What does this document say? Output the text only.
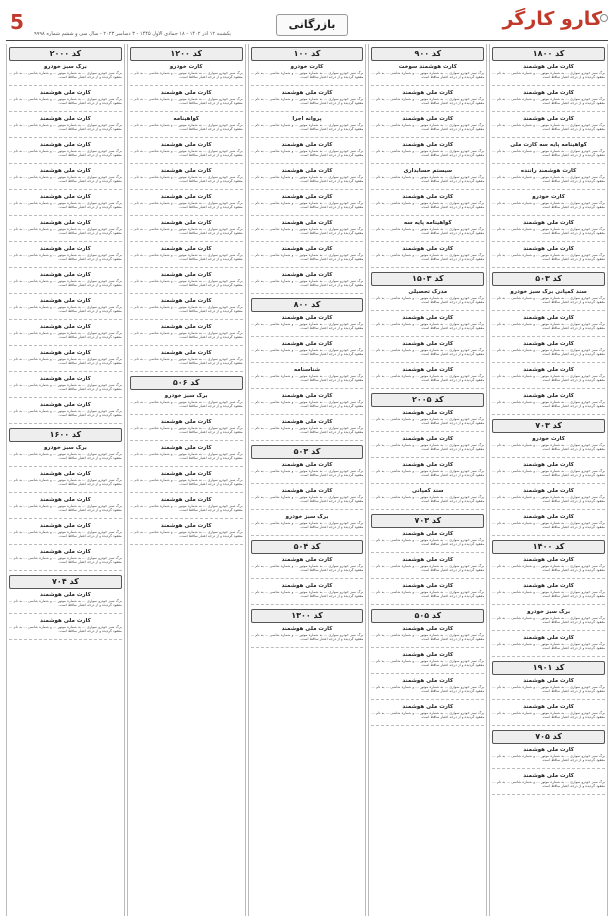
کارو کارگر
بازرگانی
5 یکشنبه ۱۲ آذر ۱۴۰۲ - ۱۸ جمادی الاول ۱۴۴۵ - ۳ دسامبر ۲۰۲۳ - سال سی و ششم شماره ۹۹۹۸
کد ۱۸۰۰
کارت ملی هوشمند
برگ سبز خودرو سواری ... به شماره موتور ... و شماره شاسی ... به نام ... مفقود گردیده و از درجه اعتبار ساقط است.
کارت ملی هوشمند
برگ سبز خودرو سواری ... به شماره موتور ... و شماره شاسی ... به نام ... مفقود گردیده و از درجه اعتبار ساقط است.
کارت ملی هوشمند
برگ سبز خودرو سواری ... به شماره موتور ... و شماره شاسی ... به نام ... مفقود گردیده و از درجه اعتبار ساقط است.
گواهینامه پایه سه کارت ملی
برگ سبز خودرو سواری ... به شماره موتور ... و شماره شاسی ... به نام ... مفقود گردیده و از درجه اعتبار ساقط است.
کارت هوشمند راننده
برگ سبز خودرو سواری ... به شماره موتور ... و شماره شاسی ... به نام ... مفقود گردیده و از درجه اعتبار ساقط است.
کارت خودرو
برگ سبز خودرو سواری ... به شماره موتور ... و شماره شاسی ... به نام ... مفقود گردیده و از درجه اعتبار ساقط است.
کارت ملی هوشمند
برگ سبز خودرو سواری ... به شماره موتور ... و شماره شاسی ... به نام ... مفقود گردیده و از درجه اعتبار ساقط است.
کارت ملی هوشمند
برگ سبز خودرو سواری ... به شماره موتور ... و شماره شاسی ... به نام ... مفقود گردیده و از درجه اعتبار ساقط است.
کد ۵۰۳
سند کمپانی برگ سبز خودرو
برگ سبز خودرو سواری ... به شماره موتور ... و شماره شاسی ... به نام ... مفقود گردیده و از درجه اعتبار ساقط است.
کارت ملی هوشمند
برگ سبز خودرو سواری ... به شماره موتور ... و شماره شاسی ... به نام ... مفقود گردیده و از درجه اعتبار ساقط است.
کارت ملی هوشمند
برگ سبز خودرو سواری ... به شماره موتور ... و شماره شاسی ... به نام ... مفقود گردیده و از درجه اعتبار ساقط است.
کارت ملی هوشمند
برگ سبز خودرو سواری ... به شماره موتور ... و شماره شاسی ... به نام ... مفقود گردیده و از درجه اعتبار ساقط است.
کارت ملی هوشمند
برگ سبز خودرو سواری ... به شماره موتور ... و شماره شاسی ... به نام ... مفقود گردیده و از درجه اعتبار ساقط است.
کد ۷۰۳
کارت خودرو
برگ سبز خودرو سواری ... به شماره موتور ... و شماره شاسی ... به نام ... مفقود گردیده و از درجه اعتبار ساقط است.
کارت ملی هوشمند
برگ سبز خودرو سواری ... به شماره موتور ... و شماره شاسی ... به نام ... مفقود گردیده و از درجه اعتبار ساقط است.
کارت ملی هوشمند
برگ سبز خودرو سواری ... به شماره موتور ... و شماره شاسی ... به نام ... مفقود گردیده و از درجه اعتبار ساقط است.
کارت ملی هوشمند
برگ سبز خودرو سواری ... به شماره موتور ... و شماره شاسی ... به نام ... مفقود گردیده و از درجه اعتبار ساقط است.
کد ۱۴۰۰
کارت ملی هوشمند
برگ سبز خودرو سواری ... به شماره موتور ... و شماره شاسی ... به نام ... مفقود گردیده و از درجه اعتبار ساقط است.
کارت ملی هوشمند
برگ سبز خودرو سواری ... به شماره موتور ... و شماره شاسی ... به نام ... مفقود گردیده و از درجه اعتبار ساقط است.
برگ سبز خودرو
برگ سبز خودرو سواری ... به شماره موتور ... و شماره شاسی ... به نام ... مفقود گردیده و از درجه اعتبار ساقط است.
کارت ملی هوشمند
برگ سبز خودرو سواری ... به شماره موتور ... و شماره شاسی ... به نام ... مفقود گردیده و از درجه اعتبار ساقط است.
کد ۱۹۰۱
کارت ملی هوشمند
برگ سبز خودرو سواری ... به شماره موتور ... و شماره شاسی ... به نام ... مفقود گردیده و از درجه اعتبار ساقط است.
کارت ملی هوشمند
برگ سبز خودرو سواری ... به شماره موتور ... و شماره شاسی ... به نام ... مفقود گردیده و از درجه اعتبار ساقط است.
کد ۷۰۵
کارت ملی هوشمند
برگ سبز خودرو سواری ... به شماره موتور ... و شماره شاسی ... به نام ... مفقود گردیده و از درجه اعتبار ساقط است.
کارت ملی هوشمند
برگ سبز خودرو سواری ... به شماره موتور ... و شماره شاسی ... به نام ... مفقود گردیده و از درجه اعتبار ساقط است.
کد ۹۰۰
کارت هوشمند سوخت
برگ سبز خودرو سواری ... به شماره موتور ... و شماره شاسی ... به نام ... مفقود گردیده و از درجه اعتبار ساقط است.
کارت ملی هوشمند
برگ سبز خودرو سواری ... به شماره موتور ... و شماره شاسی ... به نام ... مفقود گردیده و از درجه اعتبار ساقط است.
کارت ملی هوشمند
برگ سبز خودرو سواری ... به شماره موتور ... و شماره شاسی ... به نام ... مفقود گردیده و از درجه اعتبار ساقط است.
کارت ملی هوشمند
برگ سبز خودرو سواری ... به شماره موتور ... و شماره شاسی ... به نام ... مفقود گردیده و از درجه اعتبار ساقط است.
سیستم حسابداری
برگ سبز خودرو سواری ... به شماره موتور ... و شماره شاسی ... به نام ... مفقود گردیده و از درجه اعتبار ساقط است.
کارت ملی هوشمند
برگ سبز خودرو سواری ... به شماره موتور ... و شماره شاسی ... به نام ... مفقود گردیده و از درجه اعتبار ساقط است.
گواهینامه پایه سه
برگ سبز خودرو سواری ... به شماره موتور ... و شماره شاسی ... به نام ... مفقود گردیده و از درجه اعتبار ساقط است.
کارت ملی هوشمند
برگ سبز خودرو سواری ... به شماره موتور ... و شماره شاسی ... به نام ... مفقود گردیده و از درجه اعتبار ساقط است.
کد ۱۵۰۳
مدرک تحصیلی
برگ سبز خودرو سواری ... به شماره موتور ... و شماره شاسی ... به نام ... مفقود گردیده و از درجه اعتبار ساقط است.
کارت ملی هوشمند
برگ سبز خودرو سواری ... به شماره موتور ... و شماره شاسی ... به نام ... مفقود گردیده و از درجه اعتبار ساقط است.
کارت ملی هوشمند
برگ سبز خودرو سواری ... به شماره موتور ... و شماره شاسی ... به نام ... مفقود گردیده و از درجه اعتبار ساقط است.
کارت ملی هوشمند
برگ سبز خودرو سواری ... به شماره موتور ... و شماره شاسی ... به نام ... مفقود گردیده و از درجه اعتبار ساقط است.
کد ۲۰۰۵
کارت ملی هوشمند
برگ سبز خودرو سواری ... به شماره موتور ... و شماره شاسی ... به نام ... مفقود گردیده و از درجه اعتبار ساقط است.
کارت ملی هوشمند
برگ سبز خودرو سواری ... به شماره موتور ... و شماره شاسی ... به نام ... مفقود گردیده و از درجه اعتبار ساقط است.
کارت ملی هوشمند
برگ سبز خودرو سواری ... به شماره موتور ... و شماره شاسی ... به نام ... مفقود گردیده و از درجه اعتبار ساقط است.
سند کمپانی
برگ سبز خودرو سواری ... به شماره موتور ... و شماره شاسی ... به نام ... مفقود گردیده و از درجه اعتبار ساقط است.
کد ۷۰۳
کارت ملی هوشمند
برگ سبز خودرو سواری ... به شماره موتور ... و شماره شاسی ... به نام ... مفقود گردیده و از درجه اعتبار ساقط است.
کارت ملی هوشمند
برگ سبز خودرو سواری ... به شماره موتور ... و شماره شاسی ... به نام ... مفقود گردیده و از درجه اعتبار ساقط است.
کارت ملی هوشمند
برگ سبز خودرو سواری ... به شماره موتور ... و شماره شاسی ... به نام ... مفقود گردیده و از درجه اعتبار ساقط است.
کد ۵۰۵
کارت ملی هوشمند
برگ سبز خودرو سواری ... به شماره موتور ... و شماره شاسی ... به نام ... مفقود گردیده و از درجه اعتبار ساقط است.
کارت ملی هوشمند
برگ سبز خودرو سواری ... به شماره موتور ... و شماره شاسی ... به نام ... مفقود گردیده و از درجه اعتبار ساقط است.
کارت ملی هوشمند
برگ سبز خودرو سواری ... به شماره موتور ... و شماره شاسی ... به نام ... مفقود گردیده و از درجه اعتبار ساقط است.
کارت ملی هوشمند
برگ سبز خودرو سواری ... به شماره موتور ... و شماره شاسی ... به نام ... مفقود گردیده و از درجه اعتبار ساقط است.
کد ۱۰۰
کارت خودرو
برگ سبز خودرو سواری ... به شماره موتور ... و شماره شاسی ... به نام ... مفقود گردیده و از درجه اعتبار ساقط است.
کارت ملی هوشمند
برگ سبز خودرو سواری ... به شماره موتور ... و شماره شاسی ... به نام ... مفقود گردیده و از درجه اعتبار ساقط است.
پروانه اجرا
برگ سبز خودرو سواری ... به شماره موتور ... و شماره شاسی ... به نام ... مفقود گردیده و از درجه اعتبار ساقط است.
کارت ملی هوشمند
برگ سبز خودرو سواری ... به شماره موتور ... و شماره شاسی ... به نام ... مفقود گردیده و از درجه اعتبار ساقط است.
کارت ملی هوشمند
برگ سبز خودرو سواری ... به شماره موتور ... و شماره شاسی ... به نام ... مفقود گردیده و از درجه اعتبار ساقط است.
کارت ملی هوشمند
برگ سبز خودرو سواری ... به شماره موتور ... و شماره شاسی ... به نام ... مفقود گردیده و از درجه اعتبار ساقط است.
کارت ملی هوشمند
برگ سبز خودرو سواری ... به شماره موتور ... و شماره شاسی ... به نام ... مفقود گردیده و از درجه اعتبار ساقط است.
کارت ملی هوشمند
برگ سبز خودرو سواری ... به شماره موتور ... و شماره شاسی ... به نام ... مفقود گردیده و از درجه اعتبار ساقط است.
کارت ملی هوشمند
برگ سبز خودرو سواری ... به شماره موتور ... و شماره شاسی ... به نام ... مفقود گردیده و از درجه اعتبار ساقط است.
کد ۸۰۰
کارت ملی هوشمند
برگ سبز خودرو سواری ... به شماره موتور ... و شماره شاسی ... به نام ... مفقود گردیده و از درجه اعتبار ساقط است.
کارت ملی هوشمند
برگ سبز خودرو سواری ... به شماره موتور ... و شماره شاسی ... به نام ... مفقود گردیده و از درجه اعتبار ساقط است.
شناسنامه
برگ سبز خودرو سواری ... به شماره موتور ... و شماره شاسی ... به نام ... مفقود گردیده و از درجه اعتبار ساقط است.
کارت ملی هوشمند
برگ سبز خودرو سواری ... به شماره موتور ... و شماره شاسی ... به نام ... مفقود گردیده و از درجه اعتبار ساقط است.
کارت ملی هوشمند
برگ سبز خودرو سواری ... به شماره موتور ... و شماره شاسی ... به نام ... مفقود گردیده و از درجه اعتبار ساقط است.
کد ۵۰۳
کارت ملی هوشمند
برگ سبز خودرو سواری ... به شماره موتور ... و شماره شاسی ... به نام ... مفقود گردیده و از درجه اعتبار ساقط است.
کارت ملی هوشمند
برگ سبز خودرو سواری ... به شماره موتور ... و شماره شاسی ... به نام ... مفقود گردیده و از درجه اعتبار ساقط است.
برگ سبز خودرو
برگ سبز خودرو سواری ... به شماره موتور ... و شماره شاسی ... به نام ... مفقود گردیده و از درجه اعتبار ساقط است.
کد ۵۰۴
کارت ملی هوشمند
برگ سبز خودرو سواری ... به شماره موتور ... و شماره شاسی ... به نام ... مفقود گردیده و از درجه اعتبار ساقط است.
کارت ملی هوشمند
برگ سبز خودرو سواری ... به شماره موتور ... و شماره شاسی ... به نام ... مفقود گردیده و از درجه اعتبار ساقط است.
کد ۱۳۰۰
کارت ملی هوشمند
برگ سبز خودرو سواری ... به شماره موتور ... و شماره شاسی ... به نام ... مفقود گردیده و از درجه اعتبار ساقط است.
کد ۱۲۰۰
کارت خودرو
برگ سبز خودرو سواری ... به شماره موتور ... و شماره شاسی ... به نام ... مفقود گردیده و از درجه اعتبار ساقط است.
کارت ملی هوشمند
برگ سبز خودرو سواری ... به شماره موتور ... و شماره شاسی ... به نام ... مفقود گردیده و از درجه اعتبار ساقط است.
گواهینامه
برگ سبز خودرو سواری ... به شماره موتور ... و شماره شاسی ... به نام ... مفقود گردیده و از درجه اعتبار ساقط است.
کارت ملی هوشمند
برگ سبز خودرو سواری ... به شماره موتور ... و شماره شاسی ... به نام ... مفقود گردیده و از درجه اعتبار ساقط است.
کارت ملی هوشمند
برگ سبز خودرو سواری ... به شماره موتور ... و شماره شاسی ... به نام ... مفقود گردیده و از درجه اعتبار ساقط است.
کارت ملی هوشمند
برگ سبز خودرو سواری ... به شماره موتور ... و شماره شاسی ... به نام ... مفقود گردیده و از درجه اعتبار ساقط است.
کارت ملی هوشمند
برگ سبز خودرو سواری ... به شماره موتور ... و شماره شاسی ... به نام ... مفقود گردیده و از درجه اعتبار ساقط است.
کارت ملی هوشمند
برگ سبز خودرو سواری ... به شماره موتور ... و شماره شاسی ... به نام ... مفقود گردیده و از درجه اعتبار ساقط است.
کارت ملی هوشمند
برگ سبز خودرو سواری ... به شماره موتور ... و شماره شاسی ... به نام ... مفقود گردیده و از درجه اعتبار ساقط است.
کارت ملی هوشمند
برگ سبز خودرو سواری ... به شماره موتور ... و شماره شاسی ... به نام ... مفقود گردیده و از درجه اعتبار ساقط است.
کارت ملی هوشمند
برگ سبز خودرو سواری ... به شماره موتور ... و شماره شاسی ... به نام ... مفقود گردیده و از درجه اعتبار ساقط است.
کارت ملی هوشمند
برگ سبز خودرو سواری ... به شماره موتور ... و شماره شاسی ... به نام ... مفقود گردیده و از درجه اعتبار ساقط است.
کد ۵۰۶
برگ سبز خودرو
برگ سبز خودرو سواری ... به شماره موتور ... و شماره شاسی ... به نام ... مفقود گردیده و از درجه اعتبار ساقط است.
کارت ملی هوشمند
برگ سبز خودرو سواری ... به شماره موتور ... و شماره شاسی ... به نام ... مفقود گردیده و از درجه اعتبار ساقط است.
کارت ملی هوشمند
برگ سبز خودرو سواری ... به شماره موتور ... و شماره شاسی ... به نام ... مفقود گردیده و از درجه اعتبار ساقط است.
کارت ملی هوشمند
برگ سبز خودرو سواری ... به شماره موتور ... و شماره شاسی ... به نام ... مفقود گردیده و از درجه اعتبار ساقط است.
کارت ملی هوشمند
برگ سبز خودرو سواری ... به شماره موتور ... و شماره شاسی ... به نام ... مفقود گردیده و از درجه اعتبار ساقط است.
کارت ملی هوشمند
برگ سبز خودرو سواری ... به شماره موتور ... و شماره شاسی ... به نام ... مفقود گردیده و از درجه اعتبار ساقط است.
کد ۲۰۰۰
برگ سبز خودرو
برگ سبز خودرو سواری ... به شماره موتور ... و شماره شاسی ... به نام ... مفقود گردیده و از درجه اعتبار ساقط است.
کارت ملی هوشمند
برگ سبز خودرو سواری ... به شماره موتور ... و شماره شاسی ... به نام ... مفقود گردیده و از درجه اعتبار ساقط است.
کارت ملی هوشمند
برگ سبز خودرو سواری ... به شماره موتور ... و شماره شاسی ... به نام ... مفقود گردیده و از درجه اعتبار ساقط است.
کارت ملی هوشمند
برگ سبز خودرو سواری ... به شماره موتور ... و شماره شاسی ... به نام ... مفقود گردیده و از درجه اعتبار ساقط است.
کارت ملی هوشمند
برگ سبز خودرو سواری ... به شماره موتور ... و شماره شاسی ... به نام ... مفقود گردیده و از درجه اعتبار ساقط است.
کارت ملی هوشمند
برگ سبز خودرو سواری ... به شماره موتور ... و شماره شاسی ... به نام ... مفقود گردیده و از درجه اعتبار ساقط است.
کارت ملی هوشمند
برگ سبز خودرو سواری ... به شماره موتور ... و شماره شاسی ... به نام ... مفقود گردیده و از درجه اعتبار ساقط است.
کارت ملی هوشمند
برگ سبز خودرو سواری ... به شماره موتور ... و شماره شاسی ... به نام ... مفقود گردیده و از درجه اعتبار ساقط است.
کارت ملی هوشمند
برگ سبز خودرو سواری ... به شماره موتور ... و شماره شاسی ... به نام ... مفقود گردیده و از درجه اعتبار ساقط است.
کارت ملی هوشمند
برگ سبز خودرو سواری ... به شماره موتور ... و شماره شاسی ... به نام ... مفقود گردیده و از درجه اعتبار ساقط است.
کارت ملی هوشمند
برگ سبز خودرو سواری ... به شماره موتور ... و شماره شاسی ... به نام ... مفقود گردیده و از درجه اعتبار ساقط است.
کارت ملی هوشمند
برگ سبز خودرو سواری ... به شماره موتور ... و شماره شاسی ... به نام ... مفقود گردیده و از درجه اعتبار ساقط است.
کارت ملی هوشمند
برگ سبز خودرو سواری ... به شماره موتور ... و شماره شاسی ... به نام ... مفقود گردیده و از درجه اعتبار ساقط است.
کارت ملی هوشمند
برگ سبز خودرو سواری ... به شماره موتور ... و شماره شاسی ... به نام ... مفقود گردیده و از درجه اعتبار ساقط است.
کد ۱۶۰۰
برگ سبز خودرو
برگ سبز خودرو سواری ... به شماره موتور ... و شماره شاسی ... به نام ... مفقود گردیده و از درجه اعتبار ساقط است.
کارت ملی هوشمند
برگ سبز خودرو سواری ... به شماره موتور ... و شماره شاسی ... به نام ... مفقود گردیده و از درجه اعتبار ساقط است.
کارت ملی هوشمند
برگ سبز خودرو سواری ... به شماره موتور ... و شماره شاسی ... به نام ... مفقود گردیده و از درجه اعتبار ساقط است.
کارت ملی هوشمند
برگ سبز خودرو سواری ... به شماره موتور ... و شماره شاسی ... به نام ... مفقود گردیده و از درجه اعتبار ساقط است.
کارت ملی هوشمند
برگ سبز خودرو سواری ... به شماره موتور ... و شماره شاسی ... به نام ... مفقود گردیده و از درجه اعتبار ساقط است.
کد ۷۰۴
کارت ملی هوشمند
برگ سبز خودرو سواری ... به شماره موتور ... و شماره شاسی ... به نام ... مفقود گردیده و از درجه اعتبار ساقط است.
کارت ملی هوشمند
برگ سبز خودرو سواری ... به شماره موتور ... و شماره شاسی ... به نام ... مفقود گردیده و از درجه اعتبار ساقط است.
